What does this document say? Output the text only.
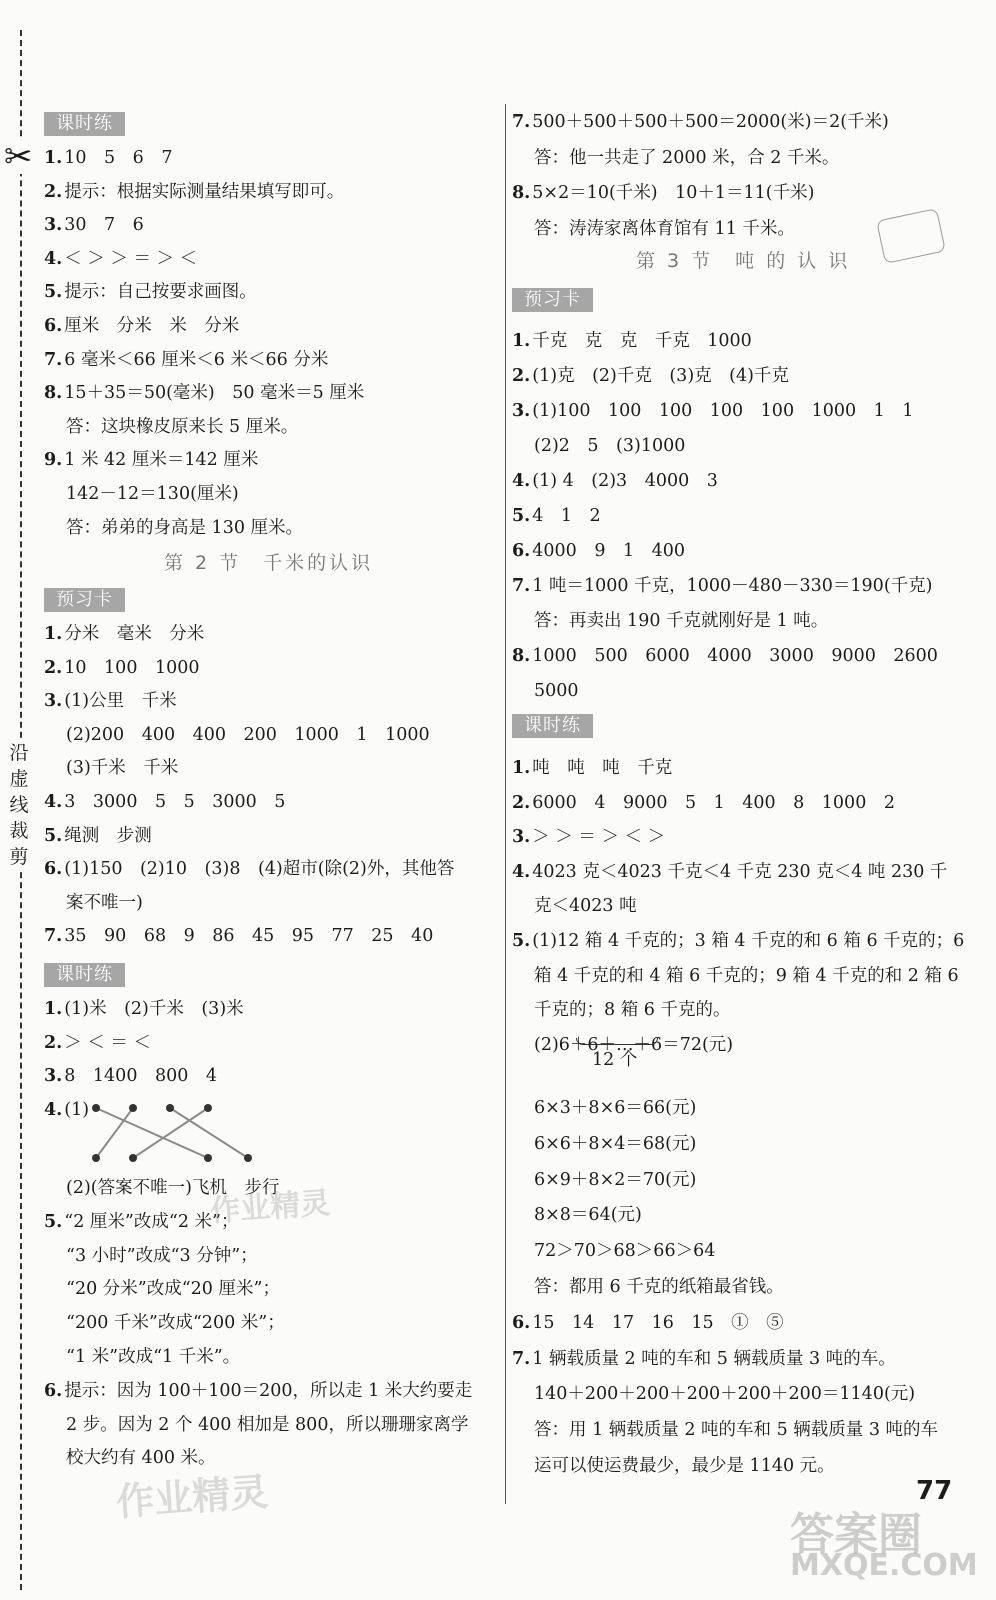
✂
沿
虚
线
裁
剪
课时练
1. 10　5　6　7
2. 提示：根据实际测量结果填写即可。
3. 30　7　6
4. ＜ ＞ ＞ ＝ ＞ ＜
5. 提示：自己按要求画图。
6. 厘米　分米　米　分米
7. 6 毫米＜66 厘米＜6 米＜66 分米
8. 15＋35＝50(毫米)　50 毫米＝5 厘米
答：这块橡皮原来长 5 厘米。
9. 1 米 42 厘米＝142 厘米
142－12＝130(厘米)
答：弟弟的身高是 130 厘米。
第 2 节　千米的认识
预习卡
1. 分米　毫米　分米
2. 10　100　1000
3. (1)公里　千米
(2)200　400　400　200　1000　1　1000
(3)千米　千米
4. 3　3000　5　5　3000　5
5. 绳测　步测
6. (1)150　(2)10　(3)8　(4)超市(除(2)外，其他答
案不唯一)
7. 35　90　68　9　86　45　95　77　25　40
课时练
1. (1)米　(2)千米　(3)米
2. ＞ ＜ ＝ ＜
3. 8　1400　800　4
4. (1)
(2)(答案不唯一)飞机　步行
5. “2 厘米”改成“2 米”；
“3 小时”改成“3 分钟”；
“20 分米”改成“20 厘米”；
“200 千米”改成“200 米”；
“1 米”改成“1 千米”。
6. 提示：因为 100＋100＝200，所以走 1 米大约要走
2 步。因为 2 个 400 相加是 800，所以珊珊家离学
校大约有 400 米。
7. 500＋500＋500＋500＝2000(米)＝2(千米)
答：他一共走了 2000 米，合 2 千米。
8. 5×2＝10(千米)　10＋1＝11(千米)
答：涛涛家离体育馆有 11 千米。
第 3 节　吨 的 认 识
预习卡
1. 千克　克　克　千克　1000
2. (1)克　(2)千克　(3)克　(4)千克
3. (1)100　100　100　100　100　1000　1　1
(2)2　5　(3)1000
4. (1) 4　(2)3　4000　3
5. 4　1　2
6. 4000　9　1　400
7. 1 吨＝1000 千克，1000－480－330＝190(千克)
答：再卖出 190 千克就刚好是 1 吨。
8. 1000　500　6000　4000　3000　9000　2600
5000
课时练
1. 吨　吨　吨　千克
2. 6000　4　9000　5　1　400　8　1000　2
3. ＞ ＞ ＝ ＞ ＜ ＞
4. 4023 克＜4023 千克＜4 千克 230 克＜4 吨 230 千
克＜4023 吨
5. (1)12 箱 4 千克的；3 箱 4 千克的和 6 箱 6 千克的；6
箱 4 千克的和 4 箱 6 千克的；9 箱 4 千克的和 2 箱 6
千克的；8 箱 6 千克的。
(2)6＋6＋…＋6＝72(元)
12 个
6×3＋8×6＝66(元)
6×6＋8×4＝68(元)
6×9＋8×2＝70(元)
8×8＝64(元)
72＞70＞68＞66＞64
答：都用 6 千克的纸箱最省钱。
6. 15　14　17　16　15　①　⑤
7. 1 辆载质量 2 吨的车和 5 辆载质量 3 吨的车。
140＋200＋200＋200＋200＋200＝1140(元)
答：用 1 辆载质量 2 吨的车和 5 辆载质量 3 吨的车
运可以使运费最少，最少是 1140 元。
77
作业精灵
作业精灵
答案圈
MXQE.COM
